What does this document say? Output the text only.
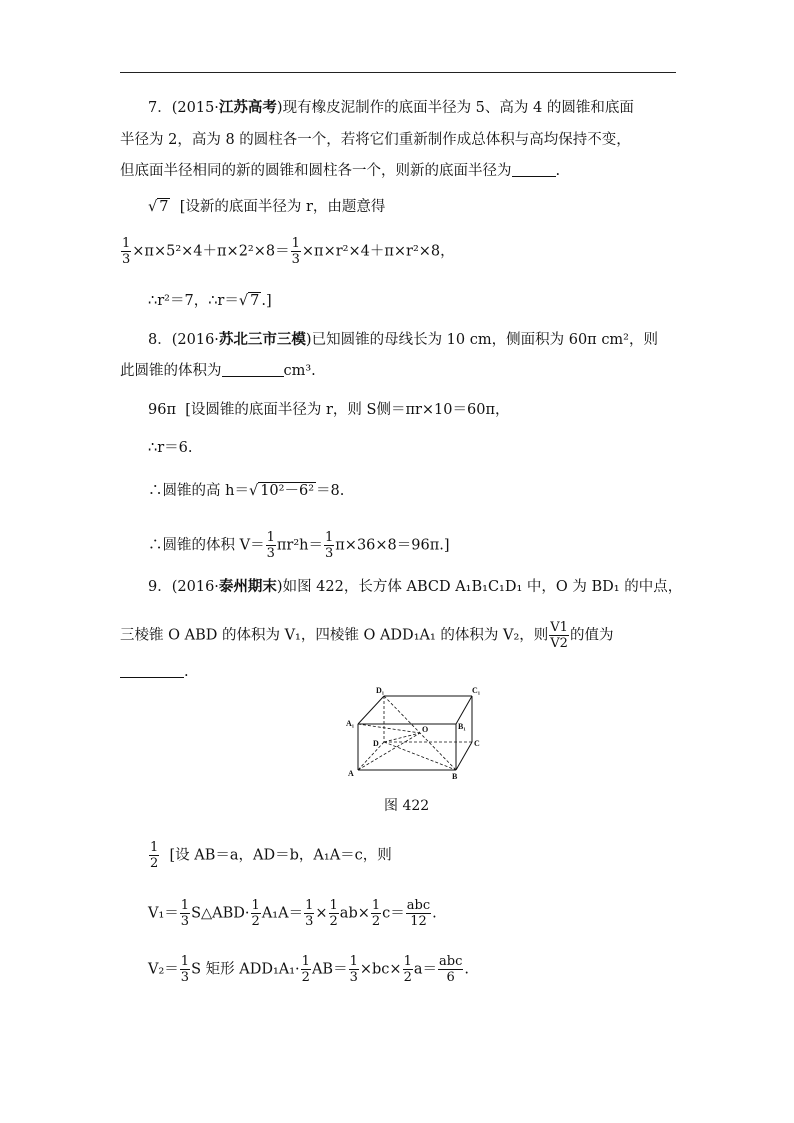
7．(2015·江苏高考)现有橡皮泥制作的底面半径为 5、高为 4 的圆锥和底面
半径为 2，高为 8 的圆柱各一个，若将它们重新制作成总体积与高均保持不变，
但底面半径相同的新的圆锥和圆柱各一个，则新的底面半径为	.
√ 7 [设新的底面半径为 r，由题意得
$\frac{1}{3} \times\pi\times 5^2\times 4+\pi\times 2^2\times 8= \frac{1}{3} \times\pi\times r^2\times 4+\pi\times r^2\times 8$，
∴r²＝7，∴r＝√ 7 .]
8．(2016·苏北三市三模)已知圆锥的母线长为 10 cm，侧面积为 60π cm²，则
此圆锥的体积为	cm³.
96π [设圆锥的底面半径为 r，则 S侧＝πr×10＝60π，
∴r＝6.
∴圆锥的高 h＝√ 10²－6² ＝8.
∴圆锥的体积 $V= \frac{1}{3} \pi r^2h= \frac{1}{3} \pi\times 36\times 8=96\pi$.]
9．(2016·泰州期末)如图 422，长方体 ABCD A₁B₁C₁D₁ 中，O 为 BD₁ 的中点，
三棱锥 O ABD 的体积为 V₁，四棱锥 O ADD₁A₁ 的体积为 V₂，则 $\frac{V1}{V2}$ 的值为
.
D₁	C₁
A₁	B₁
D
O
C
A	B
图 422
$\frac{1}{2}$ [设 AB＝a，AD＝b，A₁A＝c，则
$V_1= \frac{1}{3}$ S△ABD· $\frac{1}{2} A_1A= \frac{1}{3} \times \frac{1}{2} ab\times \frac{1}{2} c= \frac{\text{abc}}{12}$ .
$V_2= \frac{1}{3}$ S 矩形 $ADD_1A_1\cdot \frac{1}{2} AB= \frac{1}{3} \times bc\times \frac{1}{2} a= \frac{\text{abc}}{6}$ .
